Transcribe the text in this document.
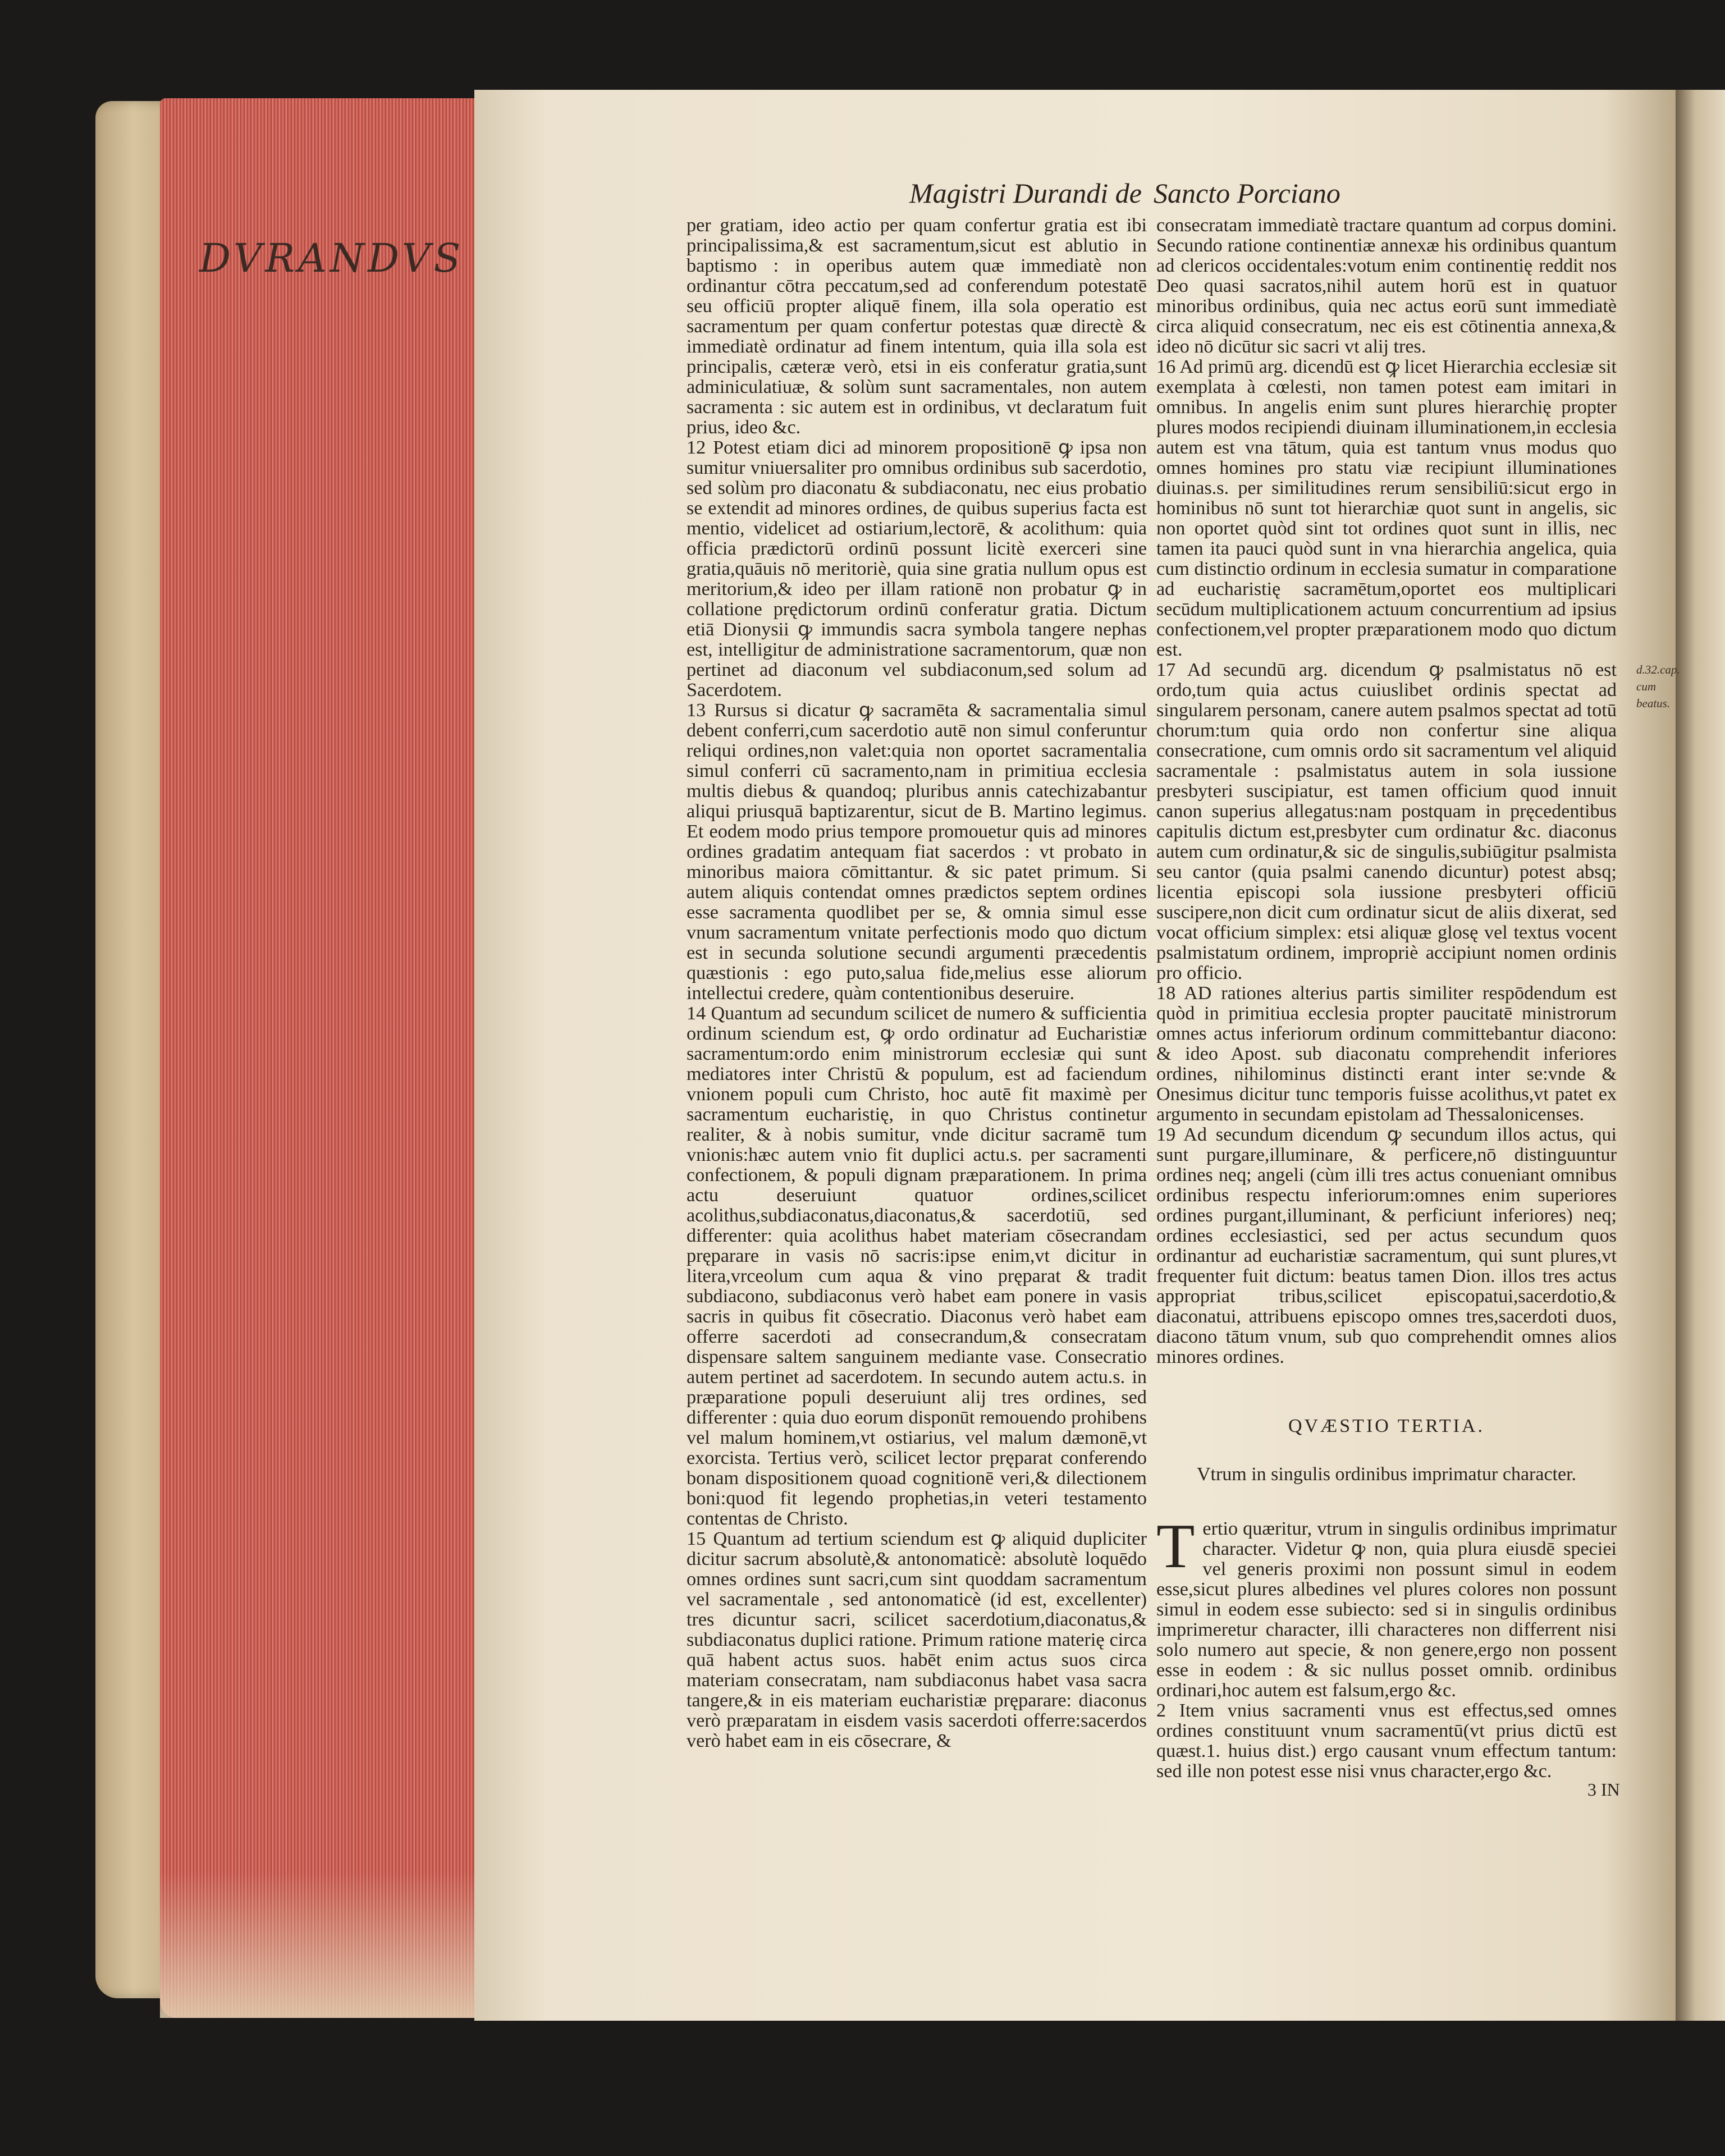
DVRANDVS
Magistri Durandi de Sancto Porciano

per gratiam, ideo actio per quam confertur gratia est ibi principalissima,& est sacramentum,sicut est ablutio in baptismo : in operibus autem quæ immediatè non ordinantur cōtra peccatum,sed ad conferendum potestatē seu officiū propter aliquē finem, illa sola operatio est sacramentum per quam confertur potestas quæ directè & immediatè ordinatur ad finem intentum, quia illa sola est principalis, cæteræ verò, etsi in eis conferatur gratia,sunt adminiculatiuæ, & solùm sunt sacramentales, non autem sacramenta : sic autem est in ordinibus, vt declaratum fuit prius, ideo &c.

12 Potest etiam dici ad minorem propositionē ꝙ ipsa non sumitur vniuersaliter pro omnibus ordinibus sub sacerdotio, sed solùm pro diaconatu & subdiaconatu, nec eius probatio se extendit ad minores ordines, de quibus superius facta est mentio, videlicet ad ostiarium,lectorē, & acolithum: quia officia prædictorū ordinū possunt licitè exerceri sine gratia,quāuis nō meritoriè, quia sine gratia nullum opus est meritorium,& ideo per illam rationē non probatur ꝙ in collatione prędictorum ordinū conferatur gratia. Dictum etiā Dionysii ꝙ immundis sacra symbola tangere nephas est, intelligitur de administratione sacramentorum, quæ non pertinet ad diaconum vel subdiaconum,sed solum ad Sacerdotem.

13 Rursus si dicatur ꝙ sacramēta & sacramentalia simul debent conferri,cum sacerdotio autē non simul conferuntur reliqui ordines,non valet:quia non oportet sacramentalia simul conferri cū sacramento,nam in primitiua ecclesia multis diebus & quandoq; pluribus annis catechizabantur aliqui priusquā baptizarentur, sicut de B. Martino legimus. Et eodem modo prius tempore promouetur quis ad minores ordines gradatim antequam fiat sacerdos : vt probato in minoribus maiora cōmittantur. & sic patet primum. Si autem aliquis contendat omnes prædictos septem ordines esse sacramenta quodlibet per se, & omnia simul esse vnum sacramentum vnitate perfectionis modo quo dictum est in secunda solutione secundi argumenti præcedentis quæstionis : ego puto,salua fide,melius esse aliorum intellectui credere, quàm contentionibus deseruire.

14 Quantum ad secundum scilicet de numero & sufficientia ordinum sciendum est, ꝙ ordo ordinatur ad Eucharistiæ sacramentum:ordo enim ministrorum ecclesiæ qui sunt mediatores inter Christū & populum, est ad faciendum vnionem populi cum Christo, hoc autē fit maximè per sacramentum eucharistię, in quo Christus continetur realiter, & à nobis sumitur, vnde dicitur sacramē tum vnionis:hæc autem vnio fit duplici actu.s. per sacramenti confectionem, & populi dignam præparationem. In prima actu deseruiunt quatuor ordines,scilicet acolithus,subdiaconatus,diaconatus,& sacerdotiū, sed differenter: quia acolithus habet materiam cōsecrandam pręparare in vasis nō sacris:ipse enim,vt dicitur in litera,vrceolum cum aqua & vino pręparat & tradit subdiacono, subdiaconus verò habet eam ponere in vasis sacris in quibus fit cōsecratio. Diaconus verò habet eam offerre sacerdoti ad consecrandum,& consecratam dispensare saltem sanguinem mediante vase. Consecratio autem pertinet ad sacerdotem. In secundo autem actu.s. in præparatione populi deseruiunt alij tres ordines, sed differenter : quia duo eorum disponūt remouendo prohibens vel malum hominem,vt ostiarius, vel malum dæmonē,vt exorcista. Tertius verò, scilicet lector pręparat conferendo bonam dispositionem quoad cognitionē veri,& dilectionem boni:quod fit legendo prophetias,in veteri testamento contentas de Christo.

15 Quantum ad tertium sciendum est ꝙ aliquid dupliciter dicitur sacrum absolutè,& antonomaticè: absolutè loquēdo omnes ordines sunt sacri,cum sint quoddam sacramentum vel sacramentale , sed antonomaticè (id est, excellenter) tres dicuntur sacri, scilicet sacerdotium,diaconatus,& subdiaconatus duplici ratione. Primum ratione materię circa quā habent actus suos. habēt enim actus suos circa materiam consecratam, nam subdiaconus habet vasa sacra tangere,& in eis materiam eucharistiæ pręparare: diaconus verò præparatam in eisdem vasis sacerdoti offerre:sacerdos verò habet eam in eis cōsecrare, &

consecratam immediatè tractare quantum ad corpus domini. Secundo ratione continentiæ annexæ his ordinibus quantum ad clericos occidentales:votum enim continentię reddit nos Deo quasi sacratos,nihil autem horū est in quatuor minoribus ordinibus, quia nec actus eorū sunt immediatè circa aliquid consecratum, nec eis est cōtinentia annexa,& ideo nō dicūtur sic sacri vt alij tres.

16 Ad primū arg. dicendū est ꝙ licet Hierarchia ecclesiæ sit exemplata à cœlesti, non tamen potest eam imitari in omnibus. In angelis enim sunt plures hierarchię propter plures modos recipiendi diuinam illuminationem,in ecclesia autem est vna tātum, quia est tantum vnus modus quo omnes homines pro statu viæ recipiunt illuminationes diuinas.s. per similitudines rerum sensibiliū:sicut ergo in hominibus nō sunt tot hierarchiæ quot sunt in angelis, sic non oportet quòd sint tot ordines quot sunt in illis, nec tamen ita pauci quòd sunt in vna hierarchia angelica, quia cum distinctio ordinum in ecclesia sumatur in comparatione ad eucharistię sacramētum,oportet eos multiplicari secūdum multiplicationem actuum concurrentium ad ipsius confectionem,vel propter præparationem modo quo dictum est.

17 Ad secundū arg. dicendum ꝙ psalmistatus nō est ordo,tum quia actus cuiuslibet ordinis spectat ad singularem personam, canere autem psalmos spectat ad totū chorum:tum quia ordo non confertur sine aliqua consecratione, cum omnis ordo sit sacramentum vel aliquid sacramentale : psalmistatus autem in sola iussione presbyteri suscipiatur, est tamen officium quod innuit canon superius allegatus:nam postquam in pręcedentibus capitulis dictum est,presbyter cum ordinatur &c. diaconus autem cum ordinatur,& sic de singulis,subiūgitur psalmista seu cantor (quia psalmi canendo dicuntur) potest absq; licentia episcopi sola iussione presbyteri officiū suscipere,non dicit cum ordinatur sicut de aliis dixerat, sed vocat officium simplex: etsi aliquæ glosę vel textus vocent psalmistatum ordinem, impropriè accipiunt nomen ordinis pro officio.

18 AD rationes alterius partis similiter respōdendum est quòd in primitiua ecclesia propter paucitatē ministrorum omnes actus inferiorum ordinum committebantur diacono: & ideo Apost. sub diaconatu comprehendit inferiores ordines, nihilominus distincti erant inter se:vnde & Onesimus dicitur tunc temporis fuisse acolithus,vt patet ex argumento in secundam epistolam ad Thessalonicenses.

19 Ad secundum dicendum ꝙ secundum illos actus, qui sunt purgare,illuminare, & perficere,nō distinguuntur ordines neq; angeli (cùm illi tres actus conueniant omnibus ordinibus respectu inferiorum:omnes enim superiores ordines purgant,illuminant, & perficiunt inferiores) neq; ordines ecclesiastici, sed per actus secundum quos ordinantur ad eucharistiæ sacramentum, qui sunt plures,vt frequenter fuit dictum: beatus tamen Dion. illos tres actus appropriat tribus,scilicet episcopatui,sacerdotio,& diaconatui, attribuens episcopo omnes tres,sacerdoti duos, diacono tātum vnum, sub quo comprehendit omnes alios minores ordines.

d.32.cap. cum beatus.
QVÆSTIO TERTIA.
Vtrum in singulis ordinibus imprimatur character.
T ertio quæritur, vtrum in singulis ordinibus imprimatur character. Videtur ꝙ non, quia plura eiusdē speciei vel generis proximi non possunt simul in eodem esse,sicut plures albedines vel plures colores non possunt simul in eodem esse subiecto: sed si in singulis ordinibus imprimeretur character, illi characteres non differrent nisi solo numero aut specie, & non genere,ergo non possent esse in eodem : & sic nullus posset omnib. ordinibus ordinari,hoc autem est falsum,ergo &c.

2 Item vnius sacramenti vnus est effectus,sed omnes ordines constituunt vnum sacramentū(vt prius dictū est quæst.1. huius dist.) ergo causant vnum effectum tantum: sed ille non potest esse nisi vnus character,ergo &c.

3 IN
